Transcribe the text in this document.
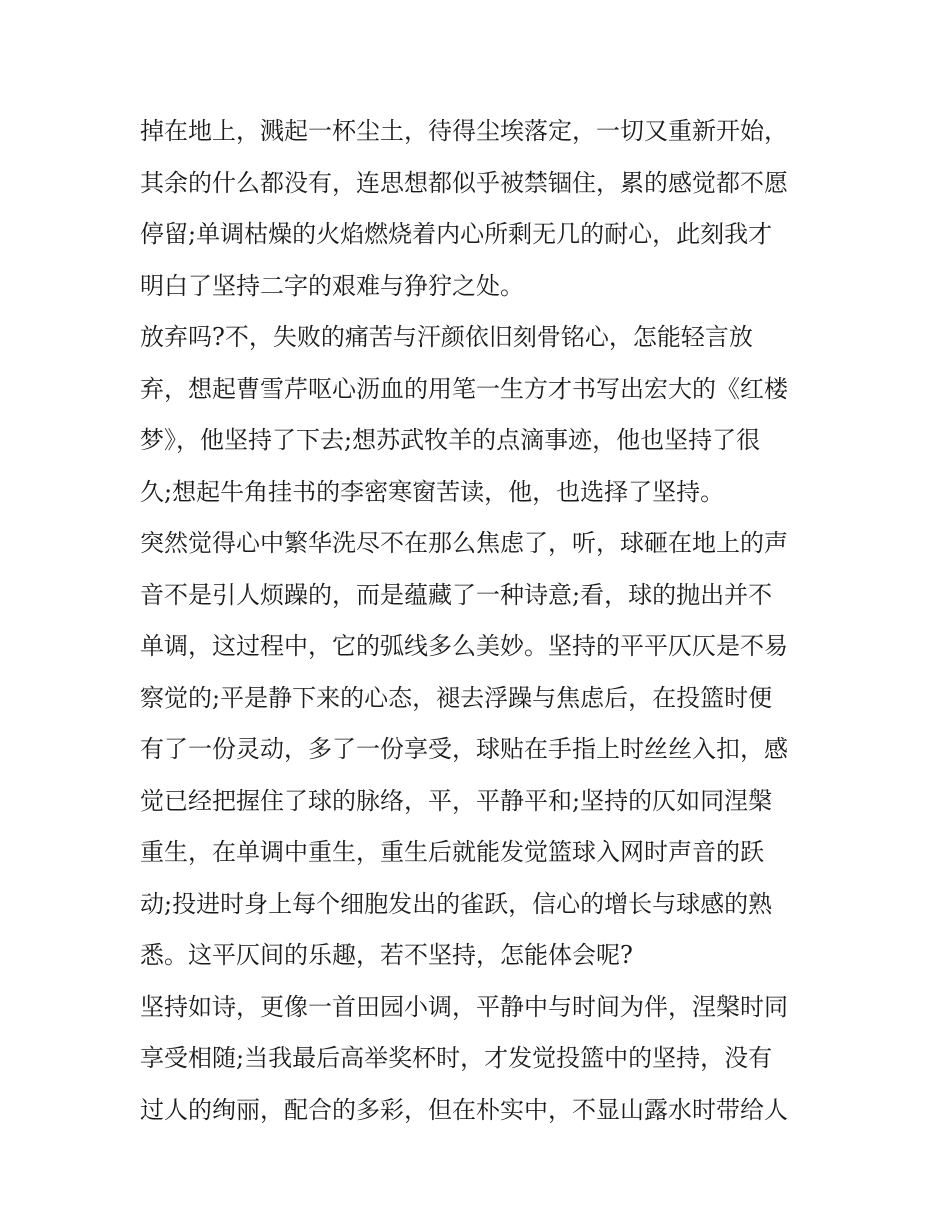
掉在地上，溅起一杯尘土，待得尘埃落定，一切又重新开始，
其余的什么都没有，连思想都似乎被禁锢住，累的感觉都不愿
停留;单调枯燥的火焰燃烧着内心所剩无几的耐心，此刻我才
明白了坚持二字的艰难与狰狞之处。
放弃吗?不，失败的痛苦与汗颜依旧刻骨铭心，怎能轻言放
弃，想起曹雪芹呕心沥血的用笔一生方才书写出宏大的《红楼
梦》，他坚持了下去;想苏武牧羊的点滴事迹，他也坚持了很
久;想起牛角挂书的李密寒窗苦读，他，也选择了坚持。
突然觉得心中繁华洗尽不在那么焦虑了，听，球砸在地上的声
音不是引人烦躁的，而是蕴藏了一种诗意;看，球的抛出并不
单调，这过程中，它的弧线多么美妙。坚持的平平仄仄是不易
察觉的;平是静下来的心态，褪去浮躁与焦虑后，在投篮时便
有了一份灵动，多了一份享受，球贴在手指上时丝丝入扣，感
觉已经把握住了球的脉络，平，平静平和;坚持的仄如同涅槃
重生，在单调中重生，重生后就能发觉篮球入网时声音的跃
动;投进时身上每个细胞发出的雀跃，信心的增长与球感的熟
悉。这平仄间的乐趣，若不坚持，怎能体会呢?
坚持如诗，更像一首田园小调，平静中与时间为伴，涅槃时同
享受相随;当我最后高举奖杯时，才发觉投篮中的坚持，没有
过人的绚丽，配合的多彩，但在朴实中，不显山露水时带给人
